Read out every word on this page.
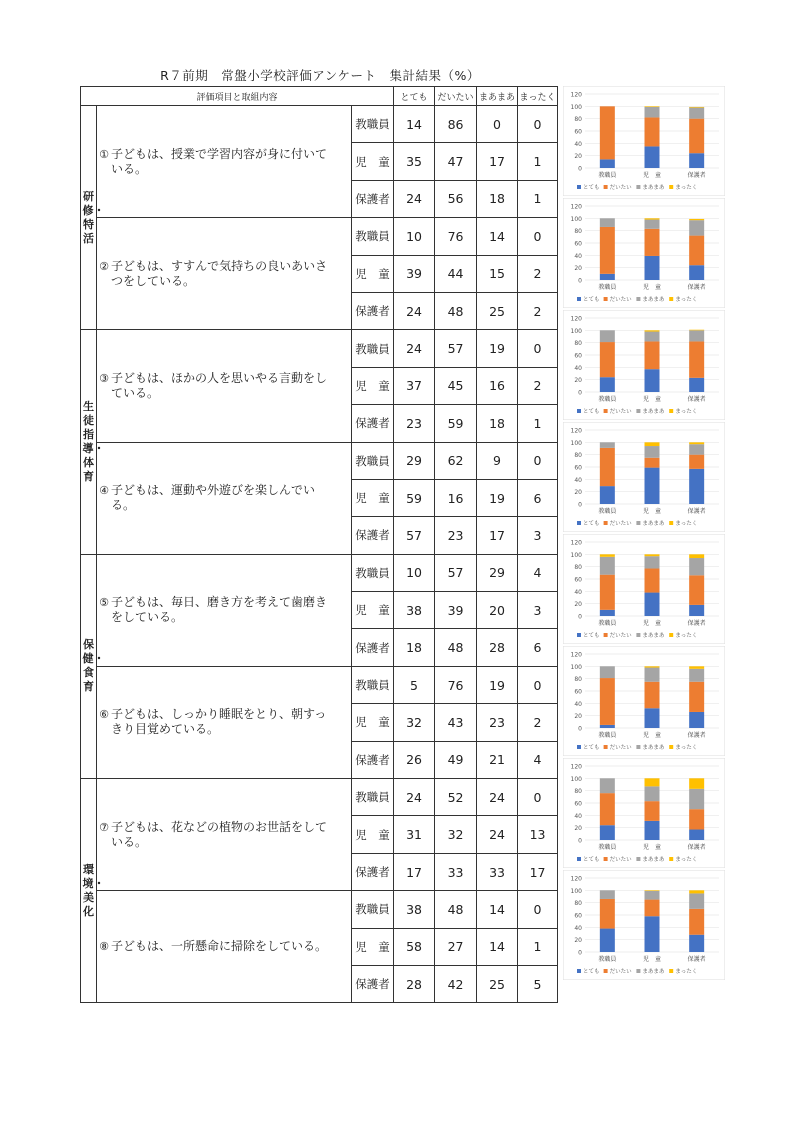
R７前期　常盤小学校評価アンケート　集計結果（%）
評価項目と取組内容			とても	だいたい	まあまあ	まったく
研修・特活	① 子どもは、授業で学習内容が身に付いている。	教職員	14	86	0	0
		児　童	35	47	17	1
		保護者	24	56	18	1
	② 子どもは、すすんで気持ちの良いあいさつをしている。	教職員	10	76	14	0
		児　童	39	44	15	2
		保護者	24	48	25	2
生徒指導・体育	③ 子どもは、ほかの人を思いやる言動をしている。	教職員	24	57	19	0
		児　童	37	45	16	2
		保護者	23	59	18	1
	④ 子どもは、運動や外遊びを楽しんでいる。	教職員	29	62	9	0
		児　童	59	16	19	6
		保護者	57	23	17	3
保健・食育	⑤ 子どもは、毎日、磨き方を考えて歯磨きをしている。	教職員	10	57	29	4
		児　童	38	39	20	3
		保護者	18	48	28	6
	⑥ 子どもは、しっかり睡眠をとり、朝すっきり目覚めている。	教職員	5	76	19	0
		児　童	32	43	23	2
		保護者	26	49	21	4
環境・美化	⑦ 子どもは、花などの植物のお世話をしている。	教職員	24	52	24	0
		児　童	31	32	24	13
		保護者	17	33	33	17
	⑧ 子どもは、一所懸命に掃除をしている。	教職員	38	48	14	0
		児　童	58	27	14	1
		保護者	28	42	25	5
0
20
40
60
80
100
120
教職員	児　童	保護者
とても だいたい まあまあ まったく
0
20
40
60
80
100
120
教職員	児　童	保護者
とても だいたい まあまあ まったく
0
20
40
60
80
100
120
教職員	児　童	保護者
とても だいたい まあまあ まったく
0
20
40
60
80
100
120
教職員	児　童	保護者
とても だいたい まあまあ まったく
0
20
40
60
80
100
120
教職員	児　童	保護者
とても だいたい まあまあ まったく
0
20
40
60
80
100
120
教職員	児　童	保護者
とても だいたい まあまあ まったく
0
20
40
60
80
100
120
教職員	児　童	保護者
とても だいたい まあまあ まったく
0
20
40
60
80
100
120
教職員	児　童	保護者
とても だいたい まあまあ まったく
